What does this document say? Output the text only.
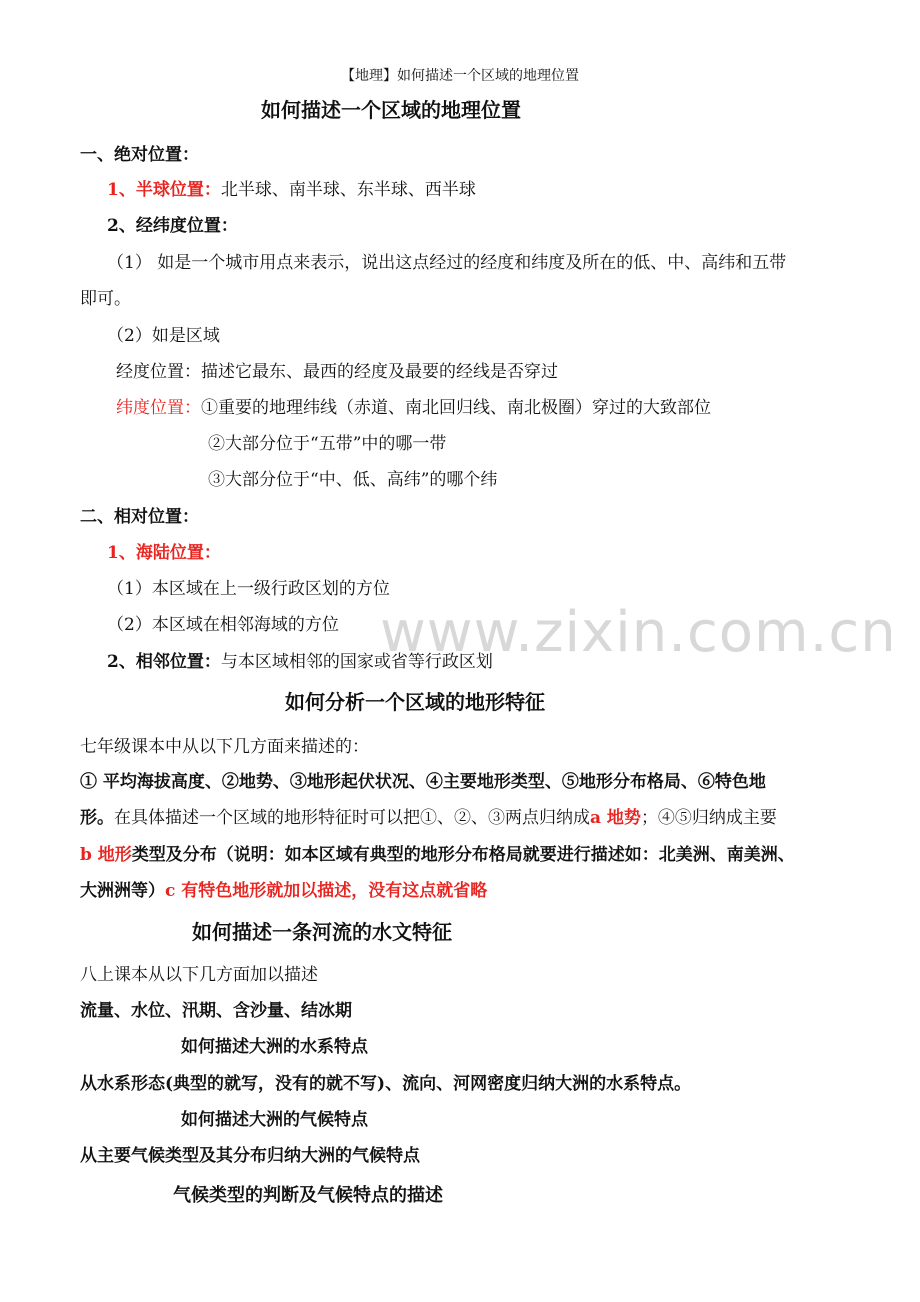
www.zixin.com.cn
【地理】如何描述一个区域的地理位置
如何描述一个区域的地理位置
一、绝对位置：
1、半球位置：北半球、南半球、东半球、西半球
2、经纬度位置：
（1） 如是一个城市用点来表示，说出这点经过的经度和纬度及所在的低、中、高纬和五带
即可。
（2）如是区域
经度位置：描述它最东、最西的经度及最要的经线是否穿过
纬度位置：①重要的地理纬线（赤道、南北回归线、南北极圈）穿过的大致部位
②大部分位于“五带”中的哪一带
③大部分位于“中、低、高纬”的哪个纬
二、相对位置：
1、海陆位置：
（1）本区域在上一级行政区划的方位
（2）本区域在相邻海域的方位
2、相邻位置：与本区域相邻的国家或省等行政区划
如何分析一个区域的地形特征
七年级课本中从以下几方面来描述的：
① 平均海拔高度、②地势、③地形起伏状况、④主要地形类型、⑤地形分布格局、⑥特色地
形。在具体描述一个区域的地形特征时可以把①、②、③两点归纳成a 地势；④⑤归纳成主要
b 地形类型及分布（说明：如本区域有典型的地形分布格局就要进行描述如：北美洲、南美洲、
大洲洲等）c 有特色地形就加以描述，没有这点就省略
如何描述一条河流的水文特征
八上课本从以下几方面加以描述
流量、水位、汛期、含沙量、结冰期
如何描述大洲的水系特点
从水系形态(典型的就写，没有的就不写)、流向、河网密度归纳大洲的水系特点。
如何描述大洲的气候特点
从主要气候类型及其分布归纳大洲的气候特点
气候类型的判断及气候特点的描述
